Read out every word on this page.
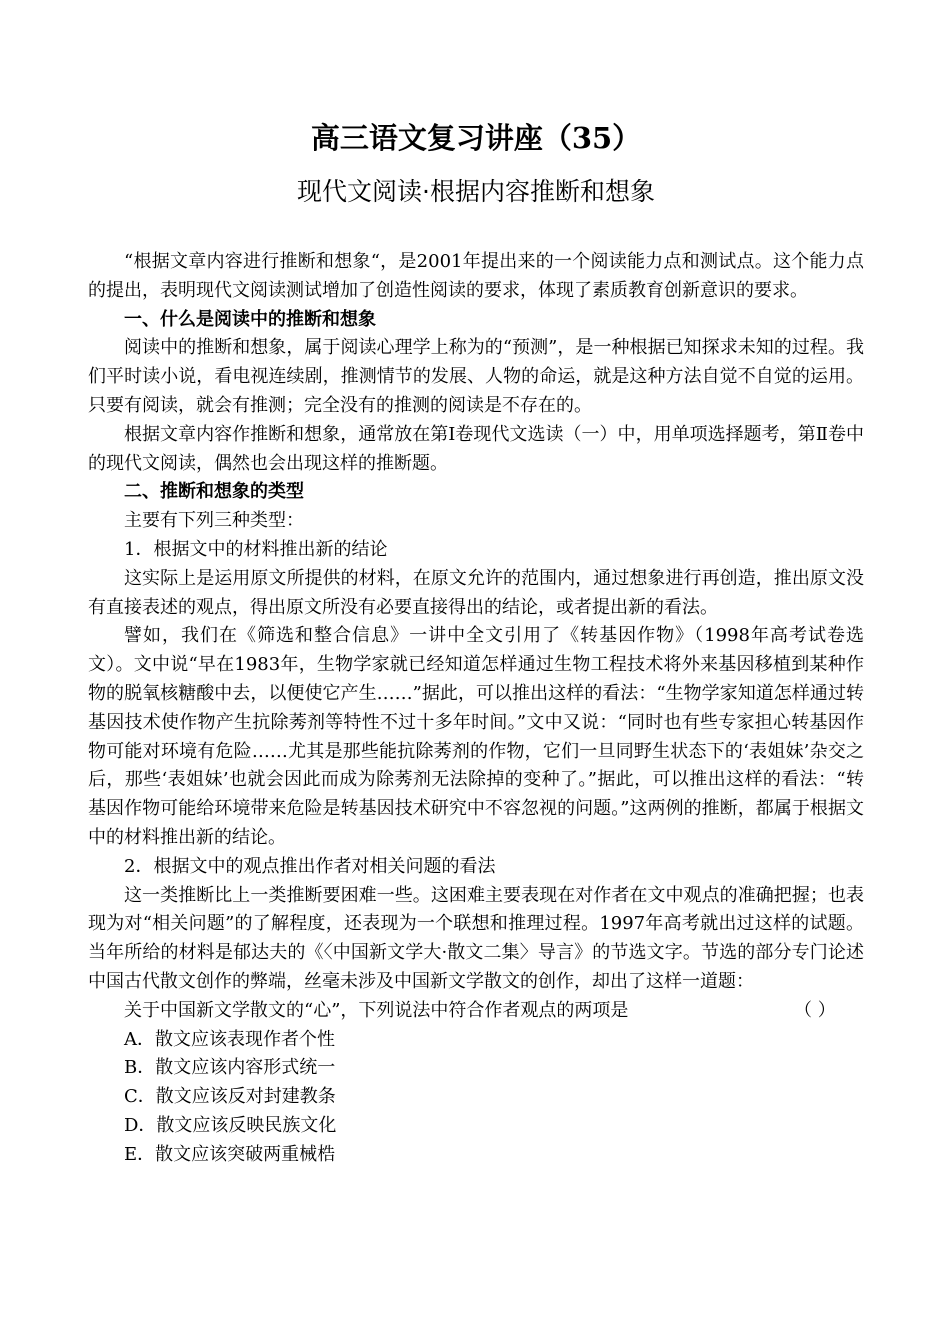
高三语文复习讲座（35）
现代文阅读·根据内容推断和想象

“根据文章内容进行推断和想象“，是2001年提出来的一个阅读能力点和测试点。这个能力点的提出，表明现代文阅读测试增加了创造性阅读的要求，体现了素质教育创新意识的要求。

一、什么是阅读中的推断和想象

阅读中的推断和想象，属于阅读心理学上称为的“预测”，是一种根据已知探求未知的过程。我们平时读小说，看电视连续剧，推测情节的发展、人物的命运，就是这种方法自觉不自觉的运用。只要有阅读，就会有推测；完全没有的推测的阅读是不存在的。

根据文章内容作推断和想象，通常放在第Ⅰ卷现代文选读（一）中，用单项选择题考，第Ⅱ卷中的现代文阅读，偶然也会出现这样的推断题。

二、推断和想象的类型

主要有下列三种类型：

1．根据文中的材料推出新的结论

这实际上是运用原文所提供的材料，在原文允许的范围内，通过想象进行再创造，推出原文没有直接表述的观点，得出原文所没有必要直接得出的结论，或者提出新的看法。

譬如，我们在《筛选和整合信息》一讲中全文引用了《转基因作物》（1998年高考试卷选文）。文中说“早在1983年，生物学家就已经知道怎样通过生物工程技术将外来基因移植到某种作物的脱氧核糖酸中去，以便使它产生……”据此，可以推出这样的看法：“生物学家知道怎样通过转基因技术使作物产生抗除莠剂等特性不过十多年时间。”文中又说：“同时也有些专家担心转基因作物可能对环境有危险……尤其是那些能抗除莠剂的作物，它们一旦同野生状态下的‘表姐妹’杂交之后，那些‘表姐妹’也就会因此而成为除莠剂无法除掉的变种了。”据此，可以推出这样的看法：“转基因作物可能给环境带来危险是转基因技术研究中不容忽视的问题。”这两例的推断，都属于根据文中的材料推出新的结论。

2．根据文中的观点推出作者对相关问题的看法

这一类推断比上一类推断要困难一些。这困难主要表现在对作者在文中观点的准确把握；也表现为对“相关问题”的了解程度，还表现为一个联想和推理过程。1997年高考就出过这样的试题。当年所给的材料是郁达夫的《〈中国新文学大·散文二集〉导言》的节选文字。节选的部分专门论述中国古代散文创作的弊端，丝毫未涉及中国新文学散文的创作，却出了这样一道题：

关于中国新文学散文的“心”，下列说法中符合作者观点的两项是	（ ）

A．散文应该表现作者个性

B．散文应该内容形式统一

C．散文应该反对封建教条

D．散文应该反映民族文化

E．散文应该突破两重械梏
